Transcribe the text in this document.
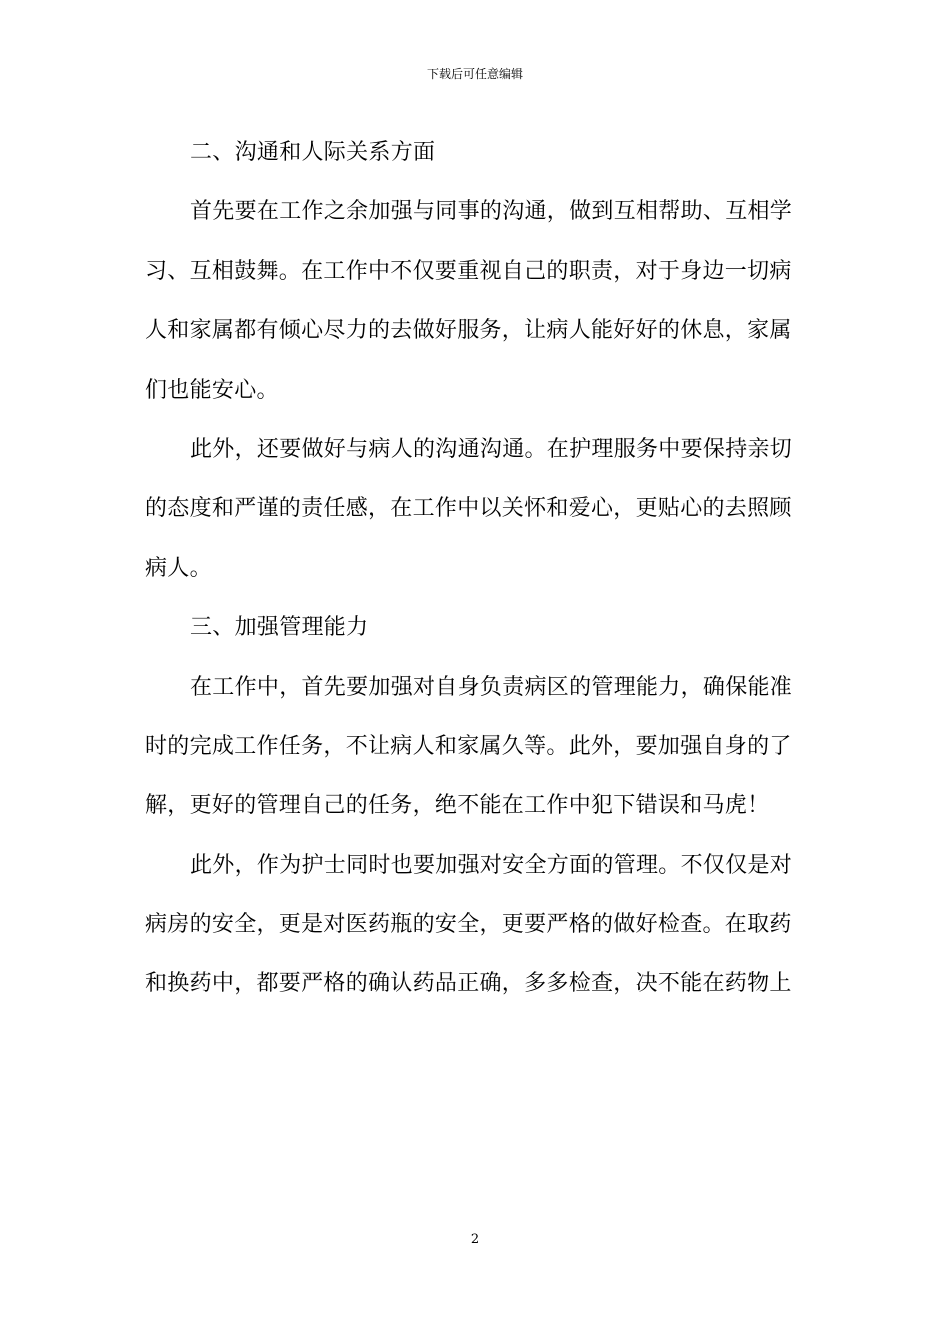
下载后可任意编辑
二、沟通和人际关系方面
首先要在工作之余加强与同事的沟通，做到互相帮助、互相学
习、互相鼓舞。在工作中不仅要重视自己的职责，对于身边一切病
人和家属都有倾心尽力的去做好服务，让病人能好好的休息，家属
们也能安心。
此外，还要做好与病人的沟通沟通。在护理服务中要保持亲切
的态度和严谨的责任感，在工作中以关怀和爱心，更贴心的去照顾
病人。
三、加强管理能力
在工作中，首先要加强对自身负责病区的管理能力，确保能准
时的完成工作任务，不让病人和家属久等。此外，要加强自身的了
解，更好的管理自己的任务，绝不能在工作中犯下错误和马虎！
此外，作为护士同时也要加强对安全方面的管理。不仅仅是对
病房的安全，更是对医药瓶的安全，更要严格的做好检查。在取药
和换药中，都要严格的确认药品正确，多多检查，决不能在药物上
2
